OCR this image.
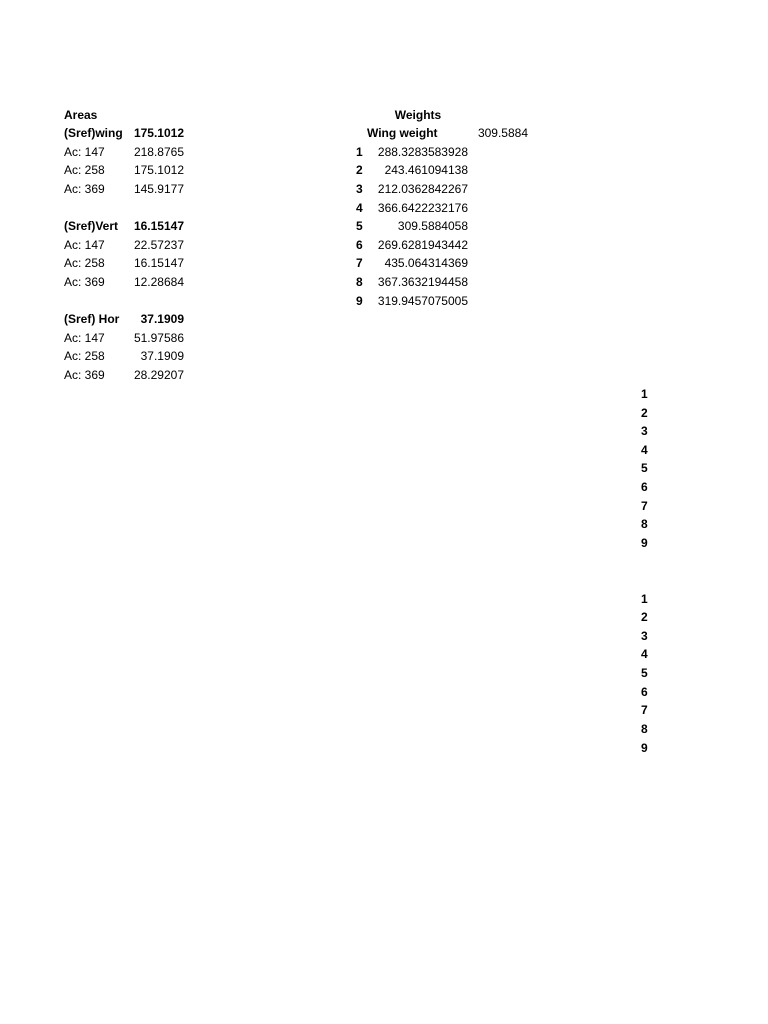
Areas
(Sref)wing 175.1012
Ac: 147	218.8765
Ac: 258	175.1012
Ac: 369	145.9177
(Sref)Vert	16.15147
Ac: 147	22.57237
Ac: 258	16.15147
Ac: 369	12.28684
(Sref) Hor	37.1909
Ac: 147	51.97586
Ac: 258	37.1909
Ac: 369	28.29207
Weights
Wing weight	309.5884
1	288.3283583928
2	243.461094138
3	212.0362842267
4	366.6422232176
5	309.5884058
6	269.6281943442
7	435.064314369
8	367.3632194458
9	319.9457075005
1
2
3
4
5
6
7
8
9
1
2
3
4
5
6
7
8
9
